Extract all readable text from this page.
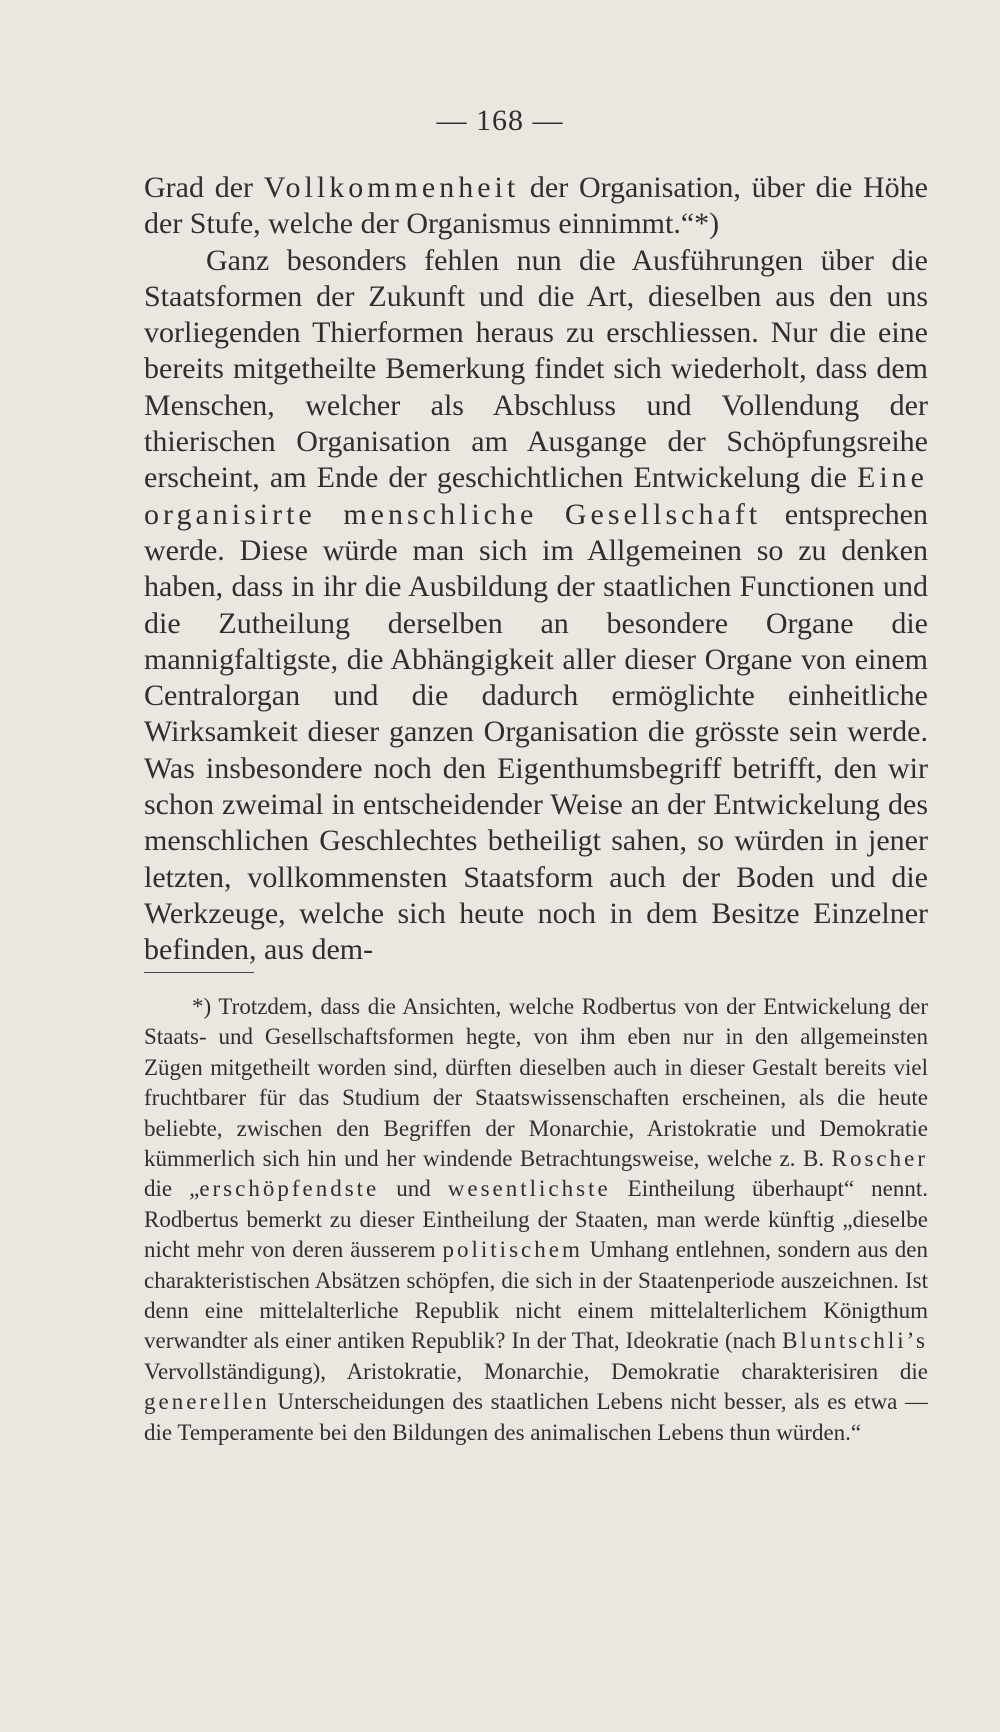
— 168 —

Grad der Vollkommenheit der Organisation, über die Höhe der Stufe, welche der Organismus einnimmt.“*)

Ganz besonders fehlen nun die Ausführungen über die Staatsformen der Zukunft und die Art, dieselben aus den uns vorliegenden Thierformen heraus zu erschliessen. Nur die eine bereits mitgetheilte Bemerkung findet sich wiederholt, dass dem Menschen, welcher als Abschluss und Vollendung der thierischen Organisation am Ausgange der Schöpfungsreihe erscheint, am Ende der geschichtlichen Entwickelung die Eine organisirte menschliche Gesellschaft entsprechen werde. Diese würde man sich im Allgemeinen so zu denken haben, dass in ihr die Ausbildung der staatlichen Functionen und die Zutheilung derselben an besondere Organe die mannigfaltigste, die Abhängigkeit aller dieser Organe von einem Centralorgan und die dadurch ermöglichte einheitliche Wirksamkeit dieser ganzen Organisation die grösste sein werde. Was insbesondere noch den Eigenthumsbegriff betrifft, den wir schon zweimal in entscheidender Weise an der Entwickelung des menschlichen Geschlechtes betheiligt sahen, so würden in jener letzten, vollkommensten Staatsform auch der Boden und die Werkzeuge, welche sich heute noch in dem Besitze Einzelner befinden, aus dem-

*) Trotzdem, dass die Ansichten, welche Rodbertus von der Entwickelung der Staats- und Gesellschaftsformen hegte, von ihm eben nur in den allgemeinsten Zügen mitgetheilt worden sind, dürften dieselben auch in dieser Gestalt bereits viel fruchtbarer für das Studium der Staatswissenschaften erscheinen, als die heute beliebte, zwischen den Begriffen der Monarchie, Aristokratie und Demokratie kümmerlich sich hin und her windende Betrachtungsweise, welche z. B. Roscher die „erschöpfendste und wesentlichste Eintheilung überhaupt“ nennt. Rodbertus bemerkt zu dieser Eintheilung der Staaten, man werde künftig „dieselbe nicht mehr von deren äusserem politischem Umhang entlehnen, sondern aus den charakteristischen Absätzen schöpfen, die sich in der Staatenperiode auszeichnen. Ist denn eine mittelalterliche Republik nicht einem mittelalterlichem Königthum verwandter als einer antiken Republik? In der That, Ideokratie (nach Bluntschli’s Vervollständigung), Aristokratie, Monarchie, Demokratie charakterisiren die generellen Unterscheidungen des staatlichen Lebens nicht besser, als es etwa — die Temperamente bei den Bildungen des animalischen Lebens thun würden.“
